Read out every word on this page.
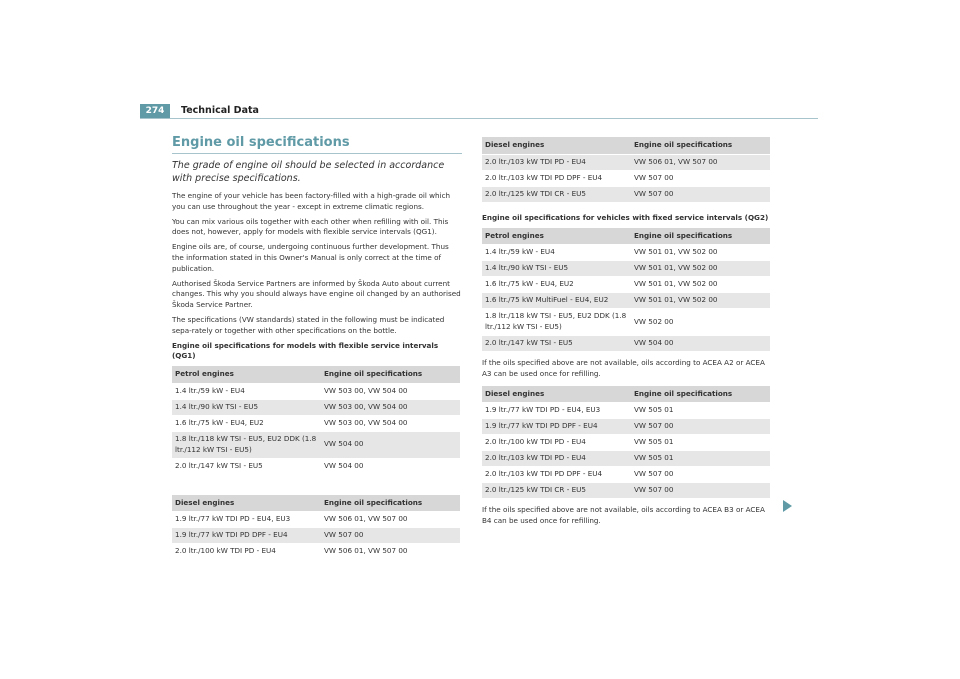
274	Technical Data
Engine oil specifications
The grade of engine oil should be selected in accordance with precise specifications.

The engine of your vehicle has been factory-filled with a high-grade oil which you can use throughout the year - except in extreme climatic regions.

You can mix various oils together with each other when refilling with oil. This does not, however, apply for models with flexible service intervals (QG1).

Engine oils are, of course, undergoing continuous further development. Thus the information stated in this Owner's Manual is only correct at the time of publication.

Authorised Škoda Service Partners are informed by Škoda Auto about current changes. This why you should always have engine oil changed by an authorised Škoda Service Partner.

The specifications (VW standards) stated in the following must be indicated sepa-rately or together with other specifications on the bottle.

Engine oil specifications for models with flexible service intervals (QG1)
Petrol engines	Engine oil specifications
1.4 ltr./59 kW - EU4	VW 503 00, VW 504 00
1.4 ltr./90 kW TSI - EU5	VW 503 00, VW 504 00
1.6 ltr./75 kW - EU4, EU2	VW 503 00, VW 504 00
1.8 ltr./118 kW TSI - EU5, EU2 DDK (1.8 ltr./112 kW TSI - EU5)	VW 504 00
2.0 ltr./147 kW TSI - EU5	VW 504 00
Diesel engines	Engine oil specifications
1.9 ltr./77 kW TDI PD - EU4, EU3	VW 506 01, VW 507 00
1.9 ltr./77 kW TDI PD DPF - EU4	VW 507 00
2.0 ltr./100 kW TDI PD - EU4	VW 506 01, VW 507 00
Diesel engines	Engine oil specifications
2.0 ltr./103 kW TDI PD - EU4	VW 506 01, VW 507 00
2.0 ltr./103 kW TDI PD DPF - EU4	VW 507 00
2.0 ltr./125 kW TDI CR - EU5	VW 507 00
Engine oil specifications for vehicles with fixed service intervals (QG2)
Petrol engines	Engine oil specifications
1.4 ltr./59 kW - EU4	VW 501 01, VW 502 00
1.4 ltr./90 kW TSI - EU5	VW 501 01, VW 502 00
1.6 ltr./75 kW - EU4, EU2	VW 501 01, VW 502 00
1.6 ltr./75 kW MultiFuel - EU4, EU2	VW 501 01, VW 502 00
1.8 ltr./118 kW TSI - EU5, EU2 DDK (1.8 ltr./112 kW TSI - EU5)	VW 502 00
2.0 ltr./147 kW TSI - EU5	VW 504 00

If the oils specified above are not available, oils according to ACEA A2 or ACEA A3 can be used once for refilling.

Diesel engines	Engine oil specifications
1.9 ltr./77 kW TDI PD - EU4, EU3	VW 505 01
1.9 ltr./77 kW TDI PD DPF - EU4	VW 507 00
2.0 ltr./100 kW TDI PD - EU4	VW 505 01
2.0 ltr./103 kW TDI PD - EU4	VW 505 01
2.0 ltr./103 kW TDI PD DPF - EU4	VW 507 00
2.0 ltr./125 kW TDI CR - EU5	VW 507 00

If the oils specified above are not available, oils according to ACEA B3 or ACEA B4 can be used once for refilling.
